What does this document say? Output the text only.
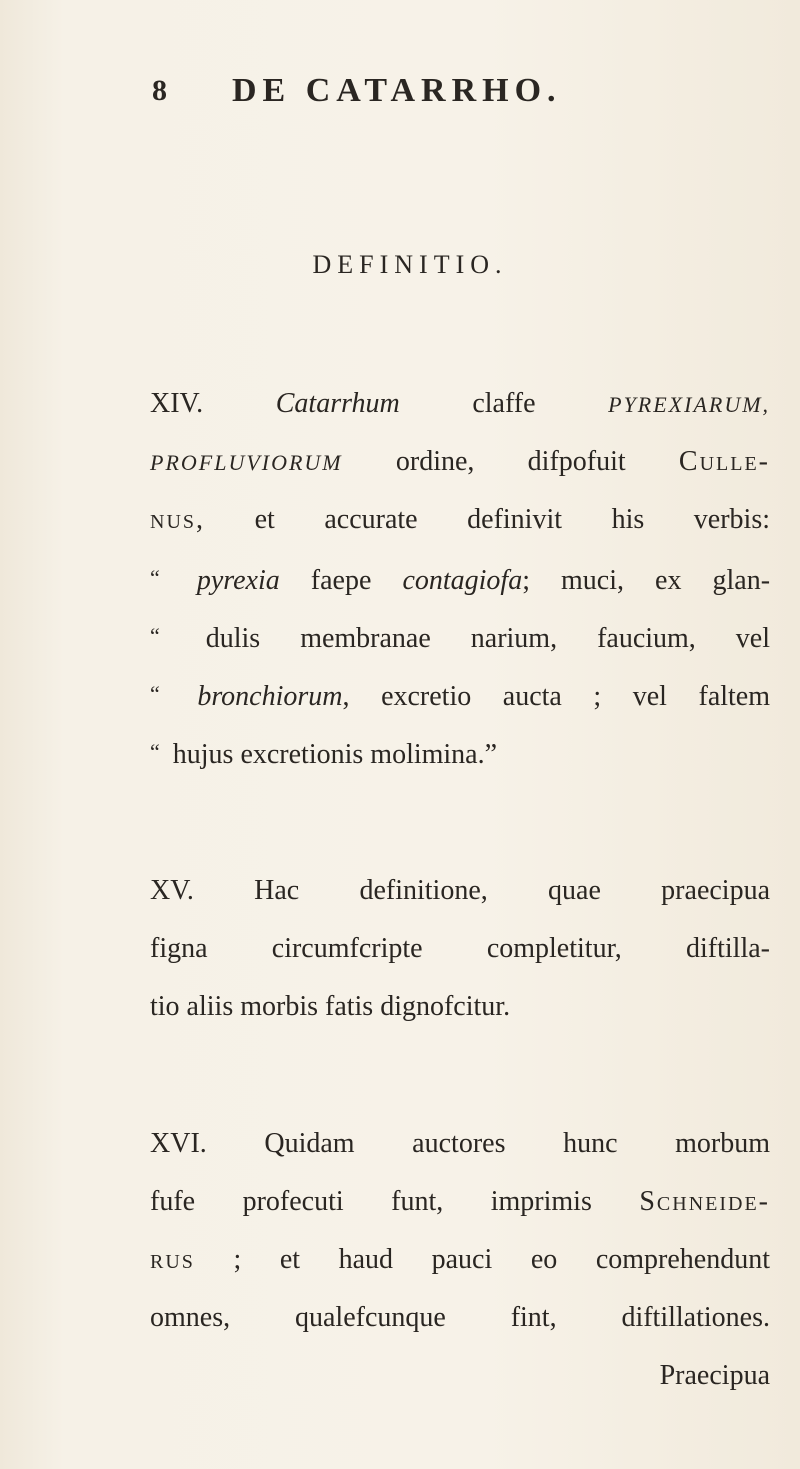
8 DE CATARRHO.
DEFINITIO.
XIV.	Catarrhum	claffe	PYREXIARUM,
PROFLUVIORUM ordine, difpofuit Culle-
nus, et accurate definivit his verbis:
“ pyrexia faepe contagiofa; muci, ex glan-
“ dulis membranae narium, faucium, vel
“ bronchiorum, excretio aucta ; vel faltem
“ hujus excretionis molimina.”
XV. Hac definitione, quae praecipua
figna circumfcripte completitur, diftilla-
tio aliis morbis fatis dignofcitur.
XVI. Quidam auctores hunc morbum
fufe profecuti funt, imprimis Schneide-
rus ; et haud pauci eo comprehendunt
omnes, qualefcunque fint, diftillationes.
Praecipua
